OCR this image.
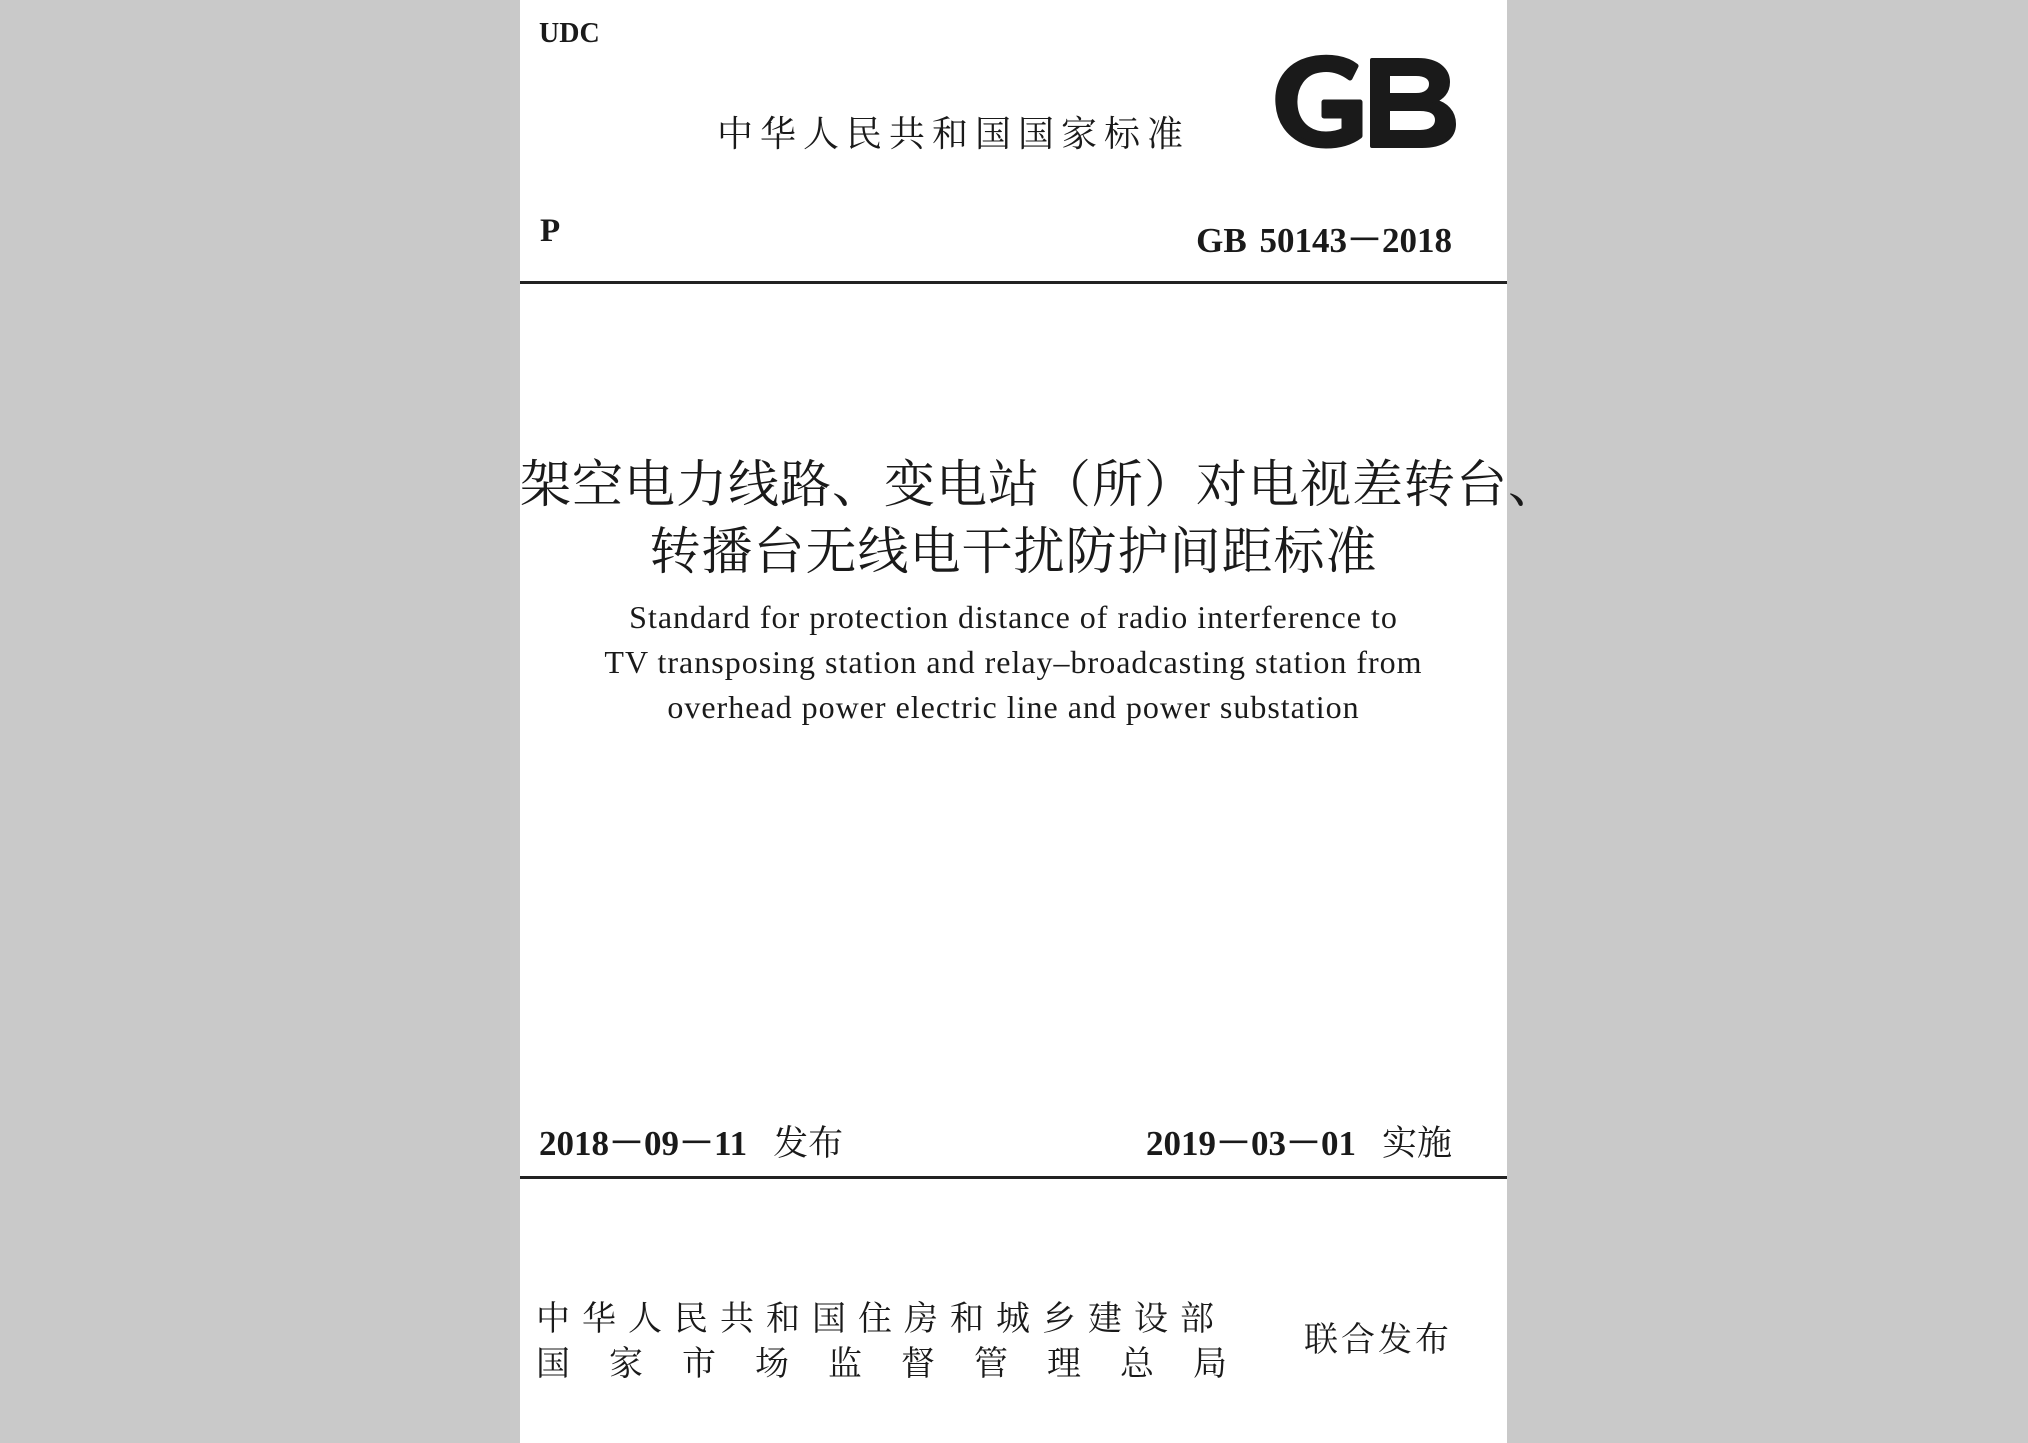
UDC
中华人民共和国国家标准
GB
P	GB 50143－2018
架空电力线路、变电站（所）对电视差转台、
转播台无线电干扰防护间距标准
Standard for protection distance of radio interference to
TV transposing station and relay–broadcasting station from
overhead power electric line and power substation
2018－09－11 发布	2019－03－01 实施
中华人民共和国住房和城乡建设部
国家市场监督管理总局
联合发布
